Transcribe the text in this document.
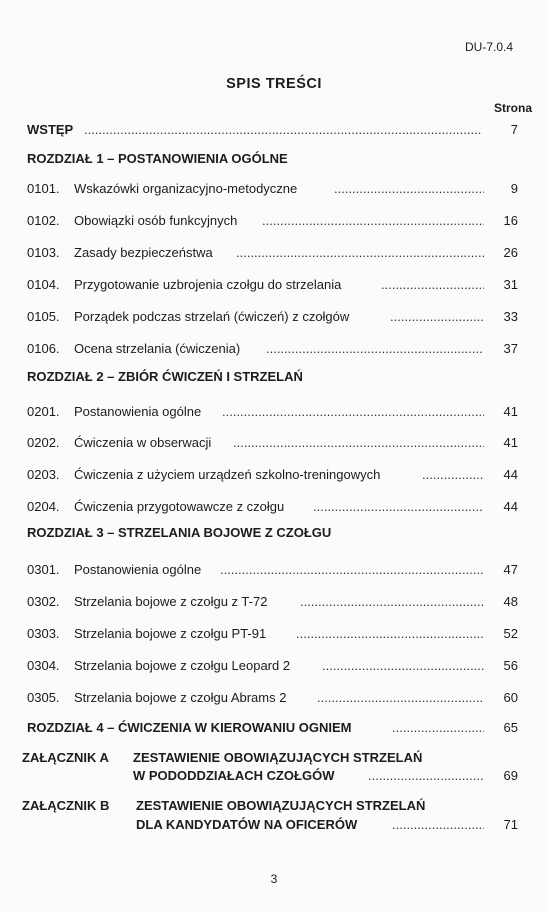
DU-7.0.4
SPIS TREŚCI
Strona
WSTĘP .....	7
ROZDZIAŁ 1 – POSTANOWIENIA OGÓLNE
0101. Wskazówki organizacyjno-metodyczne .....	9
0102. Obowiązki osób funkcyjnych .....	16
0103. Zasady bezpieczeństwa .....	26
0104. Przygotowanie uzbrojenia czołgu do strzelania .....	31
0105. Porządek podczas strzelań (ćwiczeń) z czołgów .....	33
0106. Ocena strzelania (ćwiczenia) .....	37
ROZDZIAŁ 2 – ZBIÓR ĆWICZEŃ I STRZELAŃ
0201. Postanowienia ogólne .....	41
0202. Ćwiczenia w obserwacji .....	41
0203. Ćwiczenia z użyciem urządzeń szkolno-treningowych .....	44
0204. Ćwiczenia przygotowawcze z czołgu .....	44
ROZDZIAŁ 3 – STRZELANIA BOJOWE Z CZOŁGU
0301. Postanowienia ogólne .....	47
0302. Strzelania bojowe z czołgu z T-72 .....	48
0303. Strzelania bojowe z czołgu PT-91 .....	52
0304. Strzelania bojowe z czołgu Leopard 2 .....	56
0305. Strzelania bojowe z czołgu Abrams 2 .....	60
ROZDZIAŁ 4 – ĆWICZENIA W KIEROWANIU OGNIEM .....	65
ZAŁĄCZNIK A ZESTAWIENIE OBOWIĄZUJĄCYCH STRZELAŃ
W PODODDZIAŁACH CZOŁGÓW .....	69
ZAŁĄCZNIK B ZESTAWIENIE OBOWIĄZUJĄCYCH STRZELAŃ
DLA KANDYDATÓW NA OFICERÓW .....	71
3
